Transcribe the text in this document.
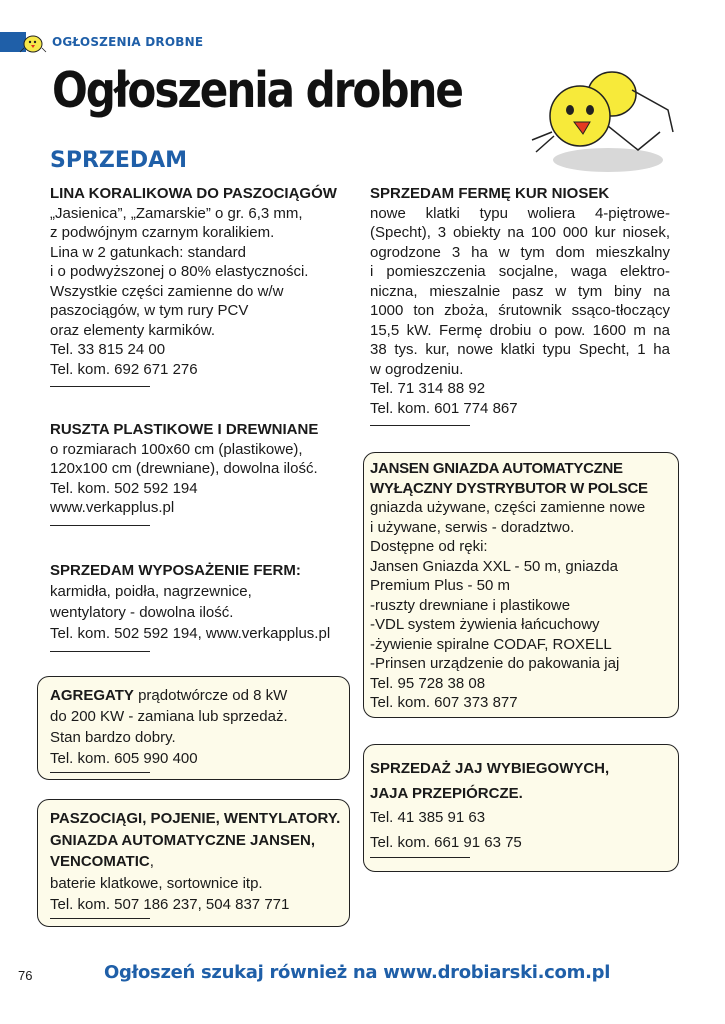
OGŁOSZENIA DROBNE
Ogłoszenia drobne
SPRZEDAM
LINA KORALIKOWA DO PASZOCIĄGÓW
„Jasienica”, „Zamarskie” o gr. 6,3 mm,
z podwójnym czarnym koralikiem.
Lina w 2 gatunkach: standard
i o podwyższonej o 80% elastyczności.
Wszystkie części zamienne do w/w
paszociągów, w tym rury PCV
oraz elementy karmików.
Tel. 33 815 24 00
Tel. kom. 692 671 276
RUSZTA PLASTIKOWE I DREWNIANE
o rozmiarach 100x60 cm (plastikowe),
120x100 cm (drewniane), dowolna ilość.
Tel. kom. 502 592 194
www.verkapplus.pl
SPRZEDAM WYPOSAŻENIE FERM:
karmidła, poidła, nagrzewnice,
wentylatory - dowolna ilość.
Tel. kom. 502 592 194, www.verkapplus.pl
AGREGATY prądotwórcze od 8 kW
do 200 KW - zamiana lub sprzedaż.
Stan bardzo dobry.
Tel. kom. 605 990 400
PASZOCIĄGI, POJENIE, WENTYLATORY.
GNIAZDA AUTOMATYCZNE JANSEN,
VENCOMATIC,
baterie klatkowe, sortownice itp.
Tel. kom. 507 186 237, 504 837 771
SPRZEDAM FERMĘ KUR NIOSEK
nowe klatki typu woliera 4-piętrowe-
(Specht), 3 obiekty na 100 000 kur niosek,
ogrodzone 3 ha w tym dom mieszkalny
i pomieszczenia socjalne, waga elektro-
niczna, mieszalnie pasz w tym biny na
1000 ton zboża, śrutownik ssąco-tłoczący
15,5 kW. Fermę drobiu o pow. 1600 m na
38 tys. kur, nowe klatki typu Specht, 1 ha
w ogrodzeniu.
Tel. 71 314 88 92
Tel. kom. 601 774 867
JANSEN GNIAZDA AUTOMATYCZNE
WYŁĄCZNY DYSTRYBUTOR W POLSCE
gniazda używane, części zamienne nowe
i używane, serwis - doradztwo.
Dostępne od ręki:
Jansen Gniazda XXL - 50 m, gniazda
Premium Plus - 50 m
-ruszty drewniane i plastikowe
-VDL system żywienia łańcuchowy
-żywienie spiralne CODAF, ROXELL
-Prinsen urządzenie do pakowania jaj
Tel. 95 728 38 08
Tel. kom. 607 373 877
SPRZEDAŻ JAJ WYBIEGOWYCH,
JAJA PRZEPIÓRCZE.
Tel. 41 385 91 63
Tel. kom. 661 91 63 75
76	Ogłoszeń szukaj również na www.drobiarski.com.pl
